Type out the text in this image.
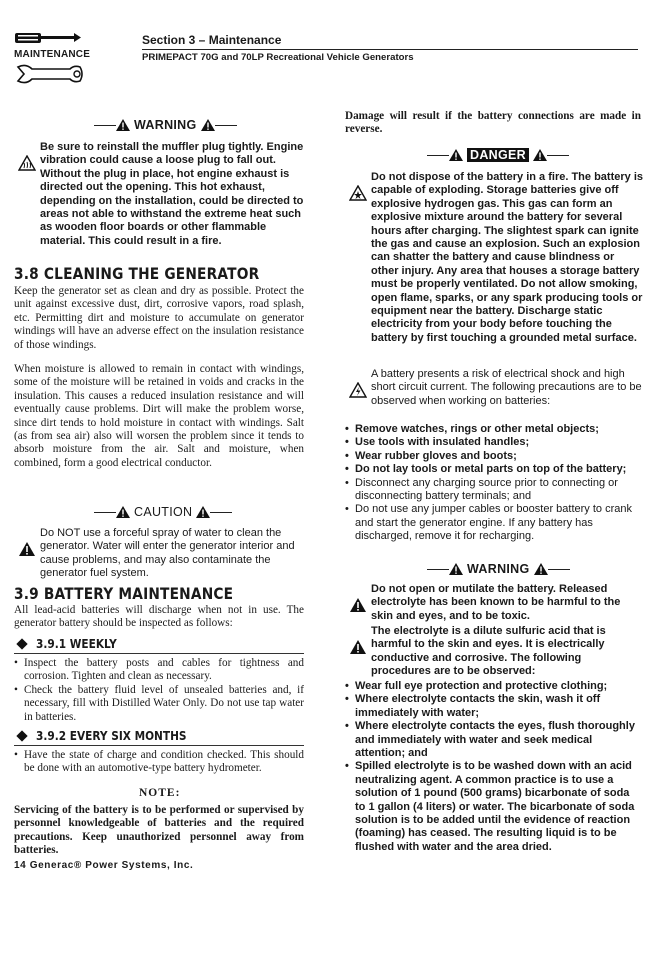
MAINTENANCE
Section 3 – Maintenance
PRIMEPACT 70G and 70LP Recreational Vehicle Generators
WARNING
Be sure to reinstall the muffler plug tightly. Engine vibration could cause a loose plug to fall out. Without the plug in place, hot engine exhaust is directed out the opening. This hot exhaust, depending on the installation, could be directed to areas not able to withstand the extreme heat such as wooden floor boards or other flammable material. This could result in a fire.
3.8 CLEANING THE GENERATOR
Keep the generator set as clean and dry as possible. Protect the unit against excessive dust, dirt, corrosive vapors, road splash, etc. Permitting dirt and moisture to accumulate on generator windings will have an adverse effect on the insulation resistance of those windings.
When moisture is allowed to remain in contact with windings, some of the moisture will be retained in voids and cracks in the insulation. This causes a reduced insulation resistance and will eventually cause problems. Dirt will make the problem worse, since dirt tends to hold moisture in contact with windings. Salt (as from sea air) also will worsen the problem since it tends to absorb moisture from the air. Salt and moisture, when combined, form a good electrical conductor.
CAUTION
Do NOT use a forceful spray of water to clean the generator. Water will enter the generator interior and cause problems, and may also contaminate the generator fuel system.
3.9 BATTERY MAINTENANCE
All lead-acid batteries will discharge when not in use. The generator battery should be inspected as follows:
3.9.1 WEEKLY
• Inspect the battery posts and cables for tightness and corrosion. Tighten and clean as necessary.
• Check the battery fluid level of unsealed batteries and, if necessary, fill with Distilled Water Only. Do not use tap water in batteries.
3.9.2 EVERY SIX MONTHS
• Have the state of charge and condition checked. This should be done with an automotive-type battery hydrometer.
NOTE:
Servicing of the battery is to be performed or supervised by personnel knowledgeable of batteries and the required precautions. Keep unauthorized personnel away from batteries.
14 Generac® Power Systems, Inc.
Damage will result if the battery connections are made in reverse.
DANGER
Do not dispose of the battery in a fire. The battery is capable of exploding. Storage batteries give off explosive hydrogen gas. This gas can form an explosive mixture around the battery for several hours after charging. The slightest spark can ignite the gas and cause an explosion. Such an explosion can shatter the battery and cause blindness or other injury. Any area that houses a storage battery must be properly ventilated. Do not allow smoking, open flame, sparks, or any spark producing tools or equipment near the battery. Discharge static electricity from your body before touching the battery by first touching a grounded metal surface.
A battery presents a risk of electrical shock and high short circuit current. The following precautions are to be observed when working on batteries:
• Remove watches, rings or other metal objects;
• Use tools with insulated handles;
• Wear rubber gloves and boots;
• Do not lay tools or metal parts on top of the battery;
• Disconnect any charging source prior to connecting or disconnecting battery terminals; and
• Do not use any jumper cables or booster battery to crank and start the generator engine. If any battery has discharged, remove it for recharging.
WARNING
Do not open or mutilate the battery. Released electrolyte has been known to be harmful to the skin and eyes, and to be toxic.
The electrolyte is a dilute sulfuric acid that is harmful to the skin and eyes. It is electrically conductive and corrosive. The following procedures are to be observed:
• Wear full eye protection and protective clothing;
• Where electrolyte contacts the skin, wash it off immediately with water;
• Where electrolyte contacts the eyes, flush thoroughly and immediately with water and seek medical attention; and
• Spilled electrolyte is to be washed down with an acid neutralizing agent. A common practice is to use a solution of 1 pound (500 grams) bicarbonate of soda to 1 gallon (4 liters) or water. The bicarbonate of soda solution is to be added until the evidence of reaction (foaming) has ceased. The resulting liquid is to be flushed with water and the area dried.
